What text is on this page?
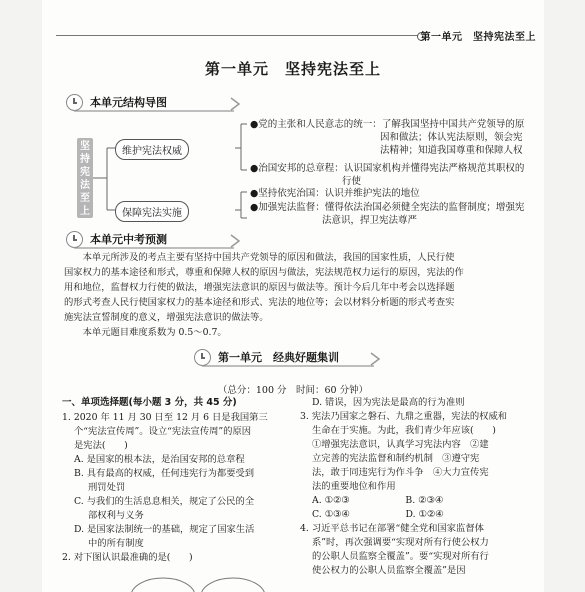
第一单元　坚持宪法至上
第一单元　坚持宪法至上
本单元结构导图
坚持宪法至上
维护宪法权威
保障宪法实施
●党的主张和人民意志的统一：了解我国坚持中国共产党领导的原
因和做法；体认宪法原则，领会宪
法精神；知道我国尊重和保障人权
●治国安邦的总章程：认识国家机构并懂得宪法严格规范其职权的
行使
●坚持依宪治国：认识并维护宪法的地位
●加强宪法监督：懂得依法治国必须健全宪法的监督制度；增强宪
法意识，捍卫宪法尊严
本单元中考预测
本单元所涉及的考点主要有坚持中国共产党领导的原因和做法，我国的国家性质，人民行使
国家权力的基本途径和形式，尊重和保障人权的原因与做法，宪法规范权力运行的原因，宪法的作
用和地位，监督权力行使的做法，增强宪法意识的原因与做法等。预计今后几年中考会以选择题
的形式考查人民行使国家权力的基本途径和形式、宪法的地位等；会以材料分析题的形式考查实
施宪法宣誓制度的意义，增强宪法意识的做法等。
本单元题目难度系数为 0.5～0.7。
第一单元　经典好题集训
（总分：100 分　时间：60 分钟）
一、单项选择题(每小题 3 分，共 45 分)

1. 2020 年 11 月 30 日至 12 月 6 日是我国第三

个“宪法宣传周”。设立“宪法宣传周”的原因

是宪法(　　)

A. 是国家的根本法，是治国安邦的总章程

B. 具有最高的权威，任何违宪行为都要受到

刑罚处罚

C. 与我们的生活息息相关，规定了公民的全

部权利与义务

D. 是国家法制统一的基础，规定了国家生活

中的所有制度

2. 对下图认识最准确的是(　　)

D. 错误，因为宪法是最高的行为准则

3. 宪法乃国家之磐石、九鼎之重器，宪法的权威和

生命在于实施。为此，我们青少年应该(　　)

①增强宪法意识，认真学习宪法内容　②建

立完善的宪法监督和制约机制　③遵守宪

法，敢于同违宪行为作斗争　④大力宣传宪

法的重要地位和作用

A. ①②③　　　　　　B. ②③④

C. ①③④　　　　　　D. ①②④

4. 习近平总书记在部署“健全党和国家监督体

系”时，再次强调要“实现对所有行使公权力

的公职人员监察全覆盖”。要“实现对所有行

使公权力的公职人员监察全覆盖”是因
